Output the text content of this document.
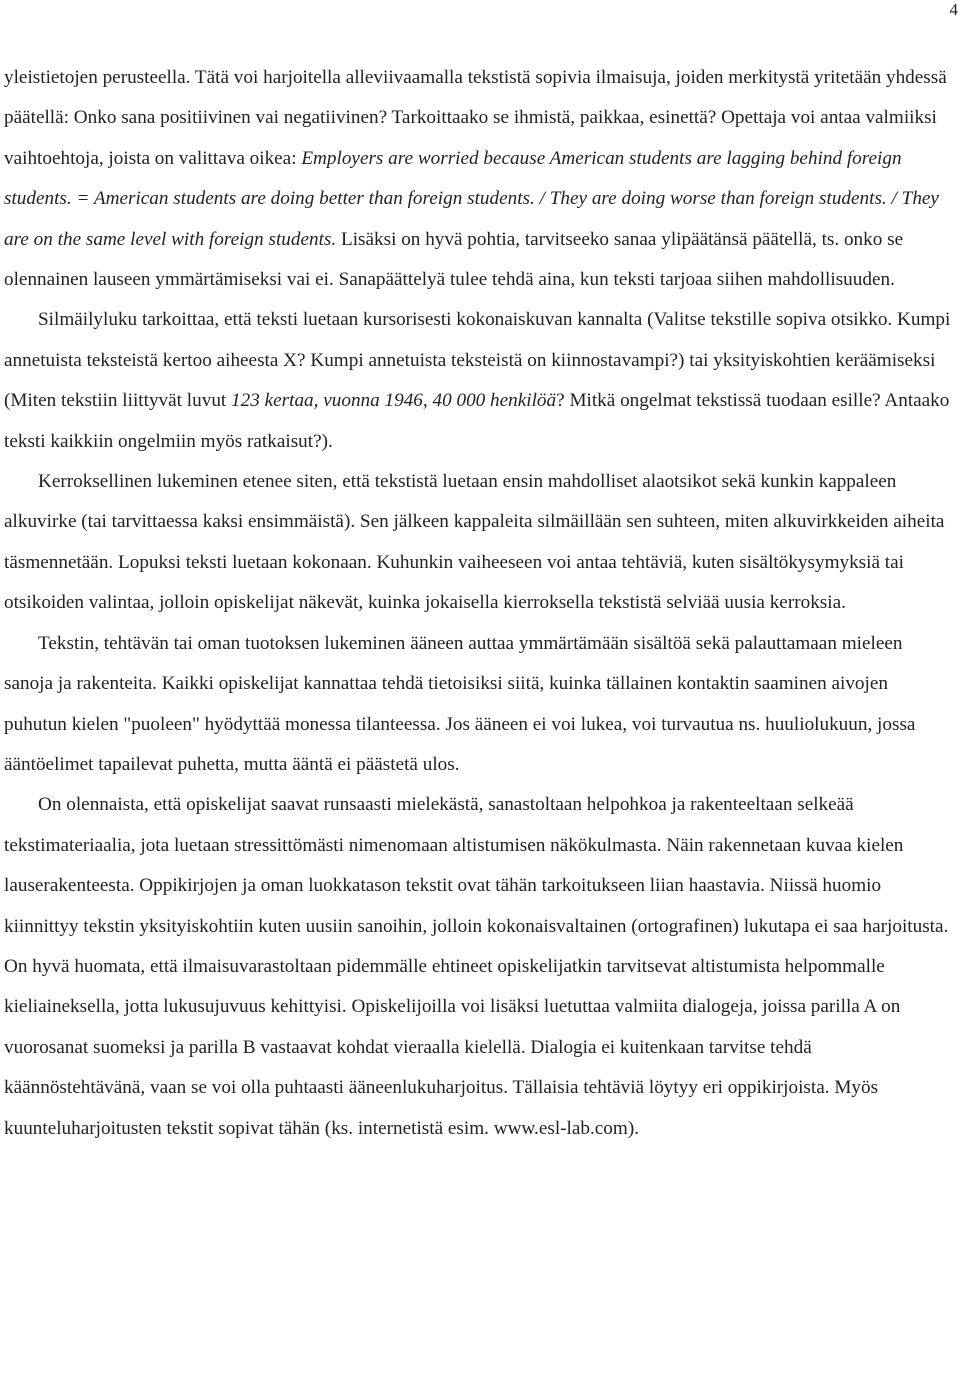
4

yleistietojen perusteella. Tätä voi harjoitella alleviivaamalla tekstistä sopivia ilmaisuja, joiden merkitystä yritetään yhdessä päätellä: Onko sana positiivinen vai negatiivinen? Tarkoittaako se ihmistä, paikkaa, esinettä? Opettaja voi antaa valmiiksi vaihtoehtoja, joista on valittava oikea: Employers are worried because American students are lagging behind foreign students. = American students are doing better than foreign students. / They are doing worse than foreign students. / They are on the same level with foreign students. Lisäksi on hyvä pohtia, tarvitseeko sanaa ylipäätänsä päätellä, ts. onko se olennainen lauseen ymmärtämiseksi vai ei. Sanapäättelyä tulee tehdä aina, kun teksti tarjoaa siihen mahdollisuuden.

Silmäilyluku tarkoittaa, että teksti luetaan kursorisesti kokonaiskuvan kannalta (Valitse tekstille sopiva otsikko. Kumpi annetuista teksteistä kertoo aiheesta X? Kumpi annetuista teksteistä on kiinnostavampi?) tai yksityiskohtien keräämiseksi (Miten tekstiin liittyvät luvut 123 kertaa, vuonna 1946, 40 000 henkilöä? Mitkä ongelmat tekstissä tuodaan esille? Antaako teksti kaikkiin ongelmiin myös ratkaisut?).

Kerroksellinen lukeminen etenee siten, että tekstistä luetaan ensin mahdolliset alaotsikot sekä kunkin kappaleen alkuvirke (tai tarvittaessa kaksi ensimmäistä). Sen jälkeen kappaleita silmäillään sen suhteen, miten alkuvirkkeiden aiheita täsmennetään. Lopuksi teksti luetaan kokonaan. Kuhunkin vaiheeseen voi antaa tehtäviä, kuten sisältökysymyksiä tai otsikoiden valintaa, jolloin opiskelijat näkevät, kuinka jokaisella kierroksella tekstistä selviää uusia kerroksia.

Tekstin, tehtävän tai oman tuotoksen lukeminen ääneen auttaa ymmärtämään sisältöä sekä palauttamaan mieleen sanoja ja rakenteita. Kaikki opiskelijat kannattaa tehdä tietoisiksi siitä, kuinka tällainen kontaktin saaminen aivojen puhutun kielen "puoleen" hyödyttää monessa tilanteessa. Jos ääneen ei voi lukea, voi turvautua ns. huuliolukuun, jossa ääntöelimet tapailevat puhetta, mutta ääntä ei päästetä ulos.

On olennaista, että opiskelijat saavat runsaasti mielekästä, sanastoltaan helpohkoa ja rakenteeltaan selkeää tekstimateriaalia, jota luetaan stressittömästi nimenomaan altistumisen näkökulmasta. Näin rakennetaan kuvaa kielen lauserakenteesta. Oppikirjojen ja oman luokkatason tekstit ovat tähän tarkoitukseen liian haastavia. Niissä huomio kiinnittyy tekstin yksityiskohtiin kuten uusiin sanoihin, jolloin kokonaisvaltainen (ortografinen) lukutapa ei saa harjoitusta. On hyvä huomata, että ilmaisuvarastoltaan pidemmälle ehtineet opiskelijatkin tarvitsevat altistumista helpommalle kieliaineksella, jotta lukusujuvuus kehittyisi. Opiskelijoilla voi lisäksi luetuttaa valmiita dialogeja, joissa parilla A on vuorosanat suomeksi ja parilla B vastaavat kohdat vieraalla kielellä. Dialogia ei kuitenkaan tarvitse tehdä käännöstehtävänä, vaan se voi olla puhtaasti ääneenlukuharjoitus. Tällaisia tehtäviä löytyy eri oppikirjoista. Myös kuunteluharjoitusten tekstit sopivat tähän (ks. internetistä esim. www.esl-lab.com).
